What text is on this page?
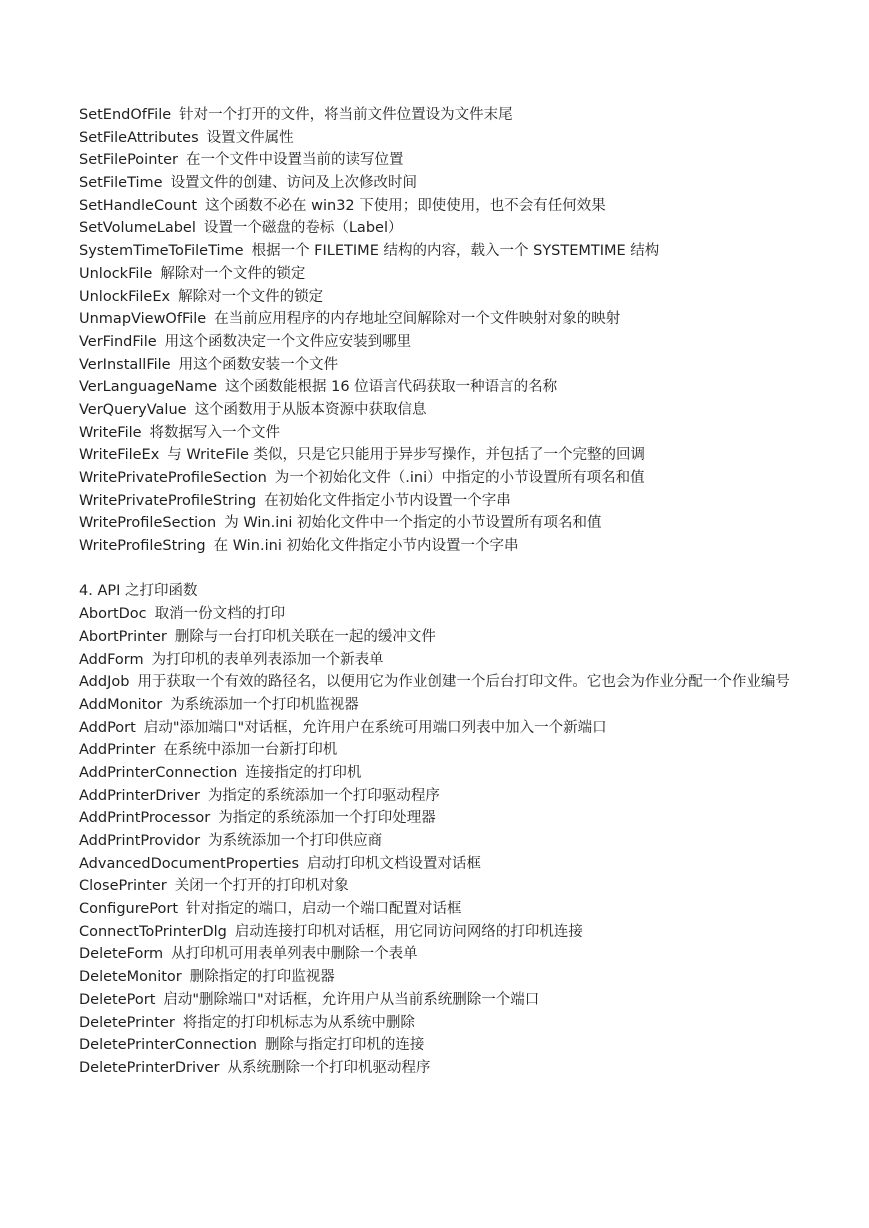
SetEndOfFile 针对一个打开的文件，将当前文件位置设为文件末尾
SetFileAttributes 设置文件属性
SetFilePointer 在一个文件中设置当前的读写位置
SetFileTime 设置文件的创建、访问及上次修改时间
SetHandleCount 这个函数不必在 win32 下使用；即使使用，也不会有任何效果
SetVolumeLabel 设置一个磁盘的卷标（Label）
SystemTimeToFileTime 根据一个 FILETIME 结构的内容，载入一个 SYSTEMTIME 结构
UnlockFile 解除对一个文件的锁定
UnlockFileEx 解除对一个文件的锁定
UnmapViewOfFile 在当前应用程序的内存地址空间解除对一个文件映射对象的映射
VerFindFile 用这个函数决定一个文件应安装到哪里
VerInstallFile 用这个函数安装一个文件
VerLanguageName 这个函数能根据 16 位语言代码获取一种语言的名称
VerQueryValue 这个函数用于从版本资源中获取信息
WriteFile 将数据写入一个文件
WriteFileEx 与 WriteFile 类似，只是它只能用于异步写操作，并包括了一个完整的回调
WritePrivateProfileSection 为一个初始化文件（.ini）中指定的小节设置所有项名和值
WritePrivateProfileString 在初始化文件指定小节内设置一个字串
WriteProfileSection 为 Win.ini 初始化文件中一个指定的小节设置所有项名和值
WriteProfileString 在 Win.ini 初始化文件指定小节内设置一个字串
4. API 之打印函数
AbortDoc 取消一份文档的打印
AbortPrinter 删除与一台打印机关联在一起的缓冲文件
AddForm 为打印机的表单列表添加一个新表单
AddJob 用于获取一个有效的路径名，以便用它为作业创建一个后台打印文件。它也会为作业分配一个作业编号
AddMonitor 为系统添加一个打印机监视器
AddPort 启动"添加端口"对话框，允许用户在系统可用端口列表中加入一个新端口
AddPrinter 在系统中添加一台新打印机
AddPrinterConnection 连接指定的打印机
AddPrinterDriver 为指定的系统添加一个打印驱动程序
AddPrintProcessor 为指定的系统添加一个打印处理器
AddPrintProvidor 为系统添加一个打印供应商
AdvancedDocumentProperties 启动打印机文档设置对话框
ClosePrinter 关闭一个打开的打印机对象
ConfigurePort 针对指定的端口，启动一个端口配置对话框
ConnectToPrinterDlg 启动连接打印机对话框，用它同访问网络的打印机连接
DeleteForm 从打印机可用表单列表中删除一个表单
DeleteMonitor 删除指定的打印监视器
DeletePort 启动"删除端口"对话框，允许用户从当前系统删除一个端口
DeletePrinter 将指定的打印机标志为从系统中删除
DeletePrinterConnection 删除与指定打印机的连接
DeletePrinterDriver 从系统删除一个打印机驱动程序
